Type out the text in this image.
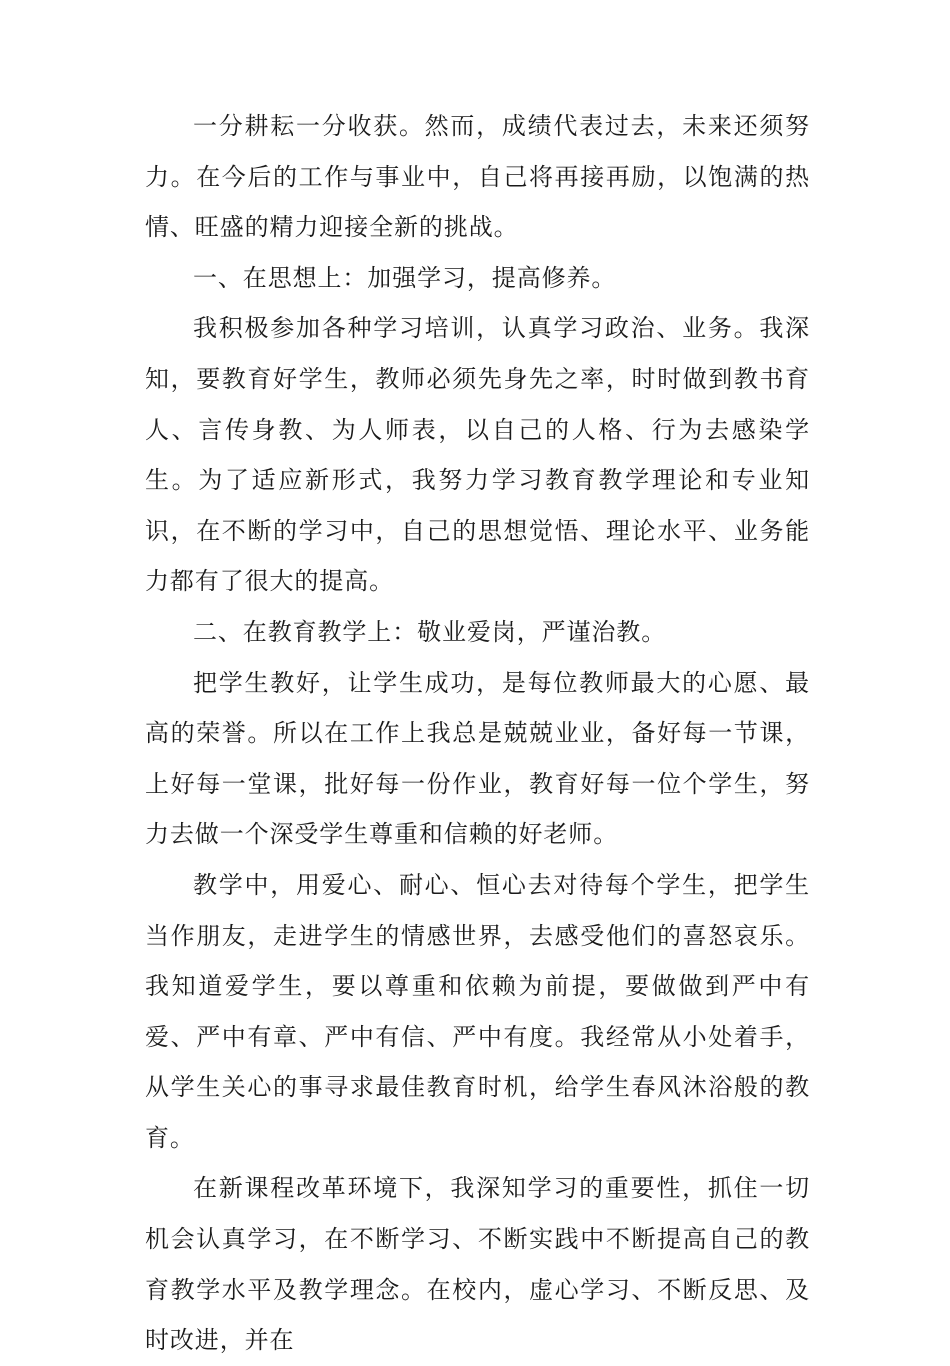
一分耕耘一分收获。然而，成绩代表过去，未来还须努力。在今后的工作与事业中，自己将再接再励，以饱满的热情、旺盛的精力迎接全新的挑战。

一、在思想上：加强学习，提高修养。

我积极参加各种学习培训，认真学习政治、业务。我深知，要教育好学生，教师必须先身先之率，时时做到教书育人、言传身教、为人师表，以自己的人格、行为去感染学生。为了适应新形式，我努力学习教育教学理论和专业知识，在不断的学习中，自己的思想觉悟、理论水平、业务能力都有了很大的提高。

二、在教育教学上：敬业爱岗，严谨治教。

把学生教好，让学生成功，是每位教师最大的心愿、最高的荣誉。所以在工作上我总是兢兢业业，备好每一节课，上好每一堂课，批好每一份作业，教育好每一位个学生，努力去做一个深受学生尊重和信赖的好老师。

教学中，用爱心、耐心、恒心去对待每个学生，把学生当作朋友，走进学生的情感世界，去感受他们的喜怒哀乐。我知道爱学生，要以尊重和依赖为前提，要做做到严中有爱、严中有章、严中有信、严中有度。我经常从小处着手，从学生关心的事寻求最佳教育时机，给学生春风沐浴般的教育。

在新课程改革环境下，我深知学习的重要性，抓住一切机会认真学习，在不断学习、不断实践中不断提高自己的教育教学水平及教学理念。在校内，虚心学习、不断反思、及时改进，并在
